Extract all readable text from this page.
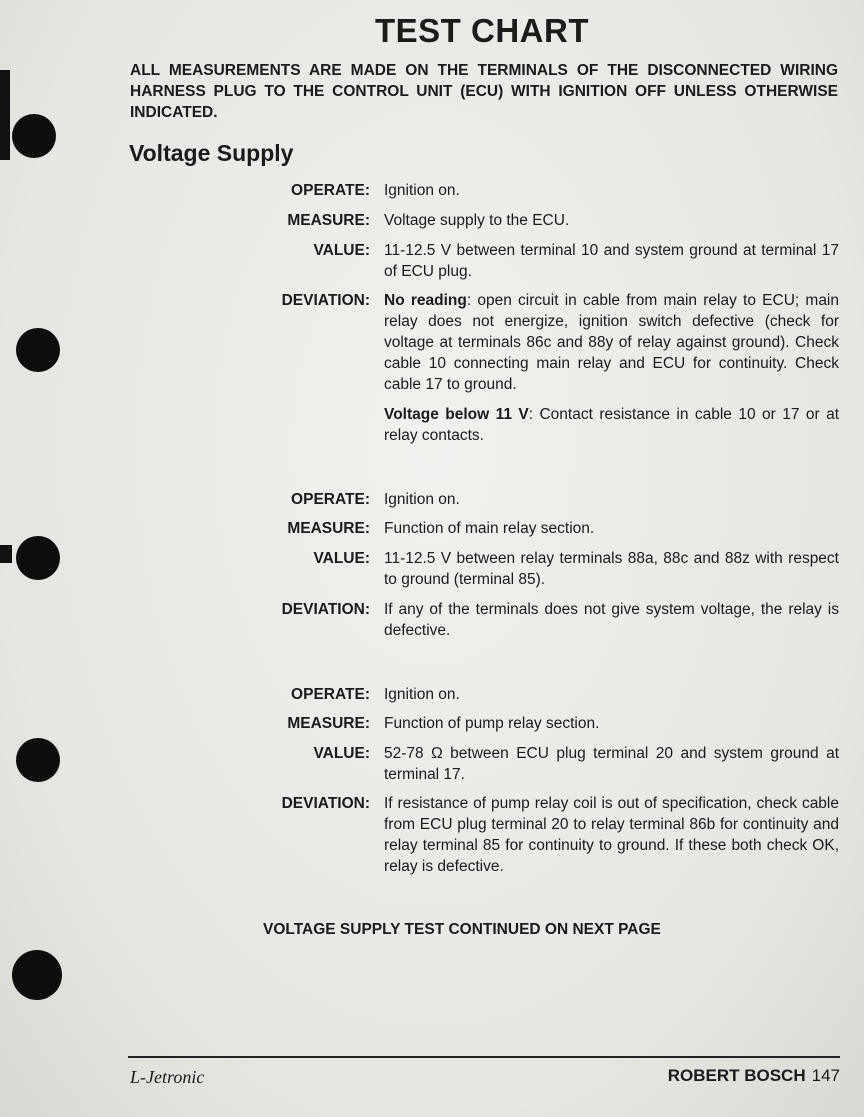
TEST CHART
ALL MEASUREMENTS ARE MADE ON THE TERMINALS OF THE DISCONNECTED WIRING HARNESS PLUG TO THE CONTROL UNIT (ECU) WITH IGNITION OFF UNLESS OTHERWISE INDICATED.
Voltage Supply
OPERATE: Ignition on.
MEASURE: Voltage supply to the ECU.
VALUE: 11-12.5 V between terminal 10 and system ground at terminal 17 of ECU plug.
DEVIATION: No reading: open circuit in cable from main relay to ECU; main relay does not energize, ignition switch defective (check for voltage at terminals 86c and 88y of relay against ground). Check cable 10 connecting main relay and ECU for continuity. Check cable 17 to ground.
Voltage below 11 V: Contact resistance in cable 10 or 17 or at relay contacts.
OPERATE: Ignition on.
MEASURE: Function of main relay section.
VALUE: 11-12.5 V between relay terminals 88a, 88c and 88z with respect to ground (terminal 85).
DEVIATION: If any of the terminals does not give system voltage, the relay is defective.
OPERATE: Ignition on.
MEASURE: Function of pump relay section.
VALUE: 52-78 Ω between ECU plug terminal 20 and system ground at terminal 17.
DEVIATION: If resistance of pump relay coil is out of specification, check cable from ECU plug terminal 20 to relay terminal 86b for continuity and relay terminal 85 for continuity to ground. If these both check OK, relay is defective.
VOLTAGE SUPPLY TEST CONTINUED ON NEXT PAGE
L-Jetronic	ROBERT BOSCH 147
